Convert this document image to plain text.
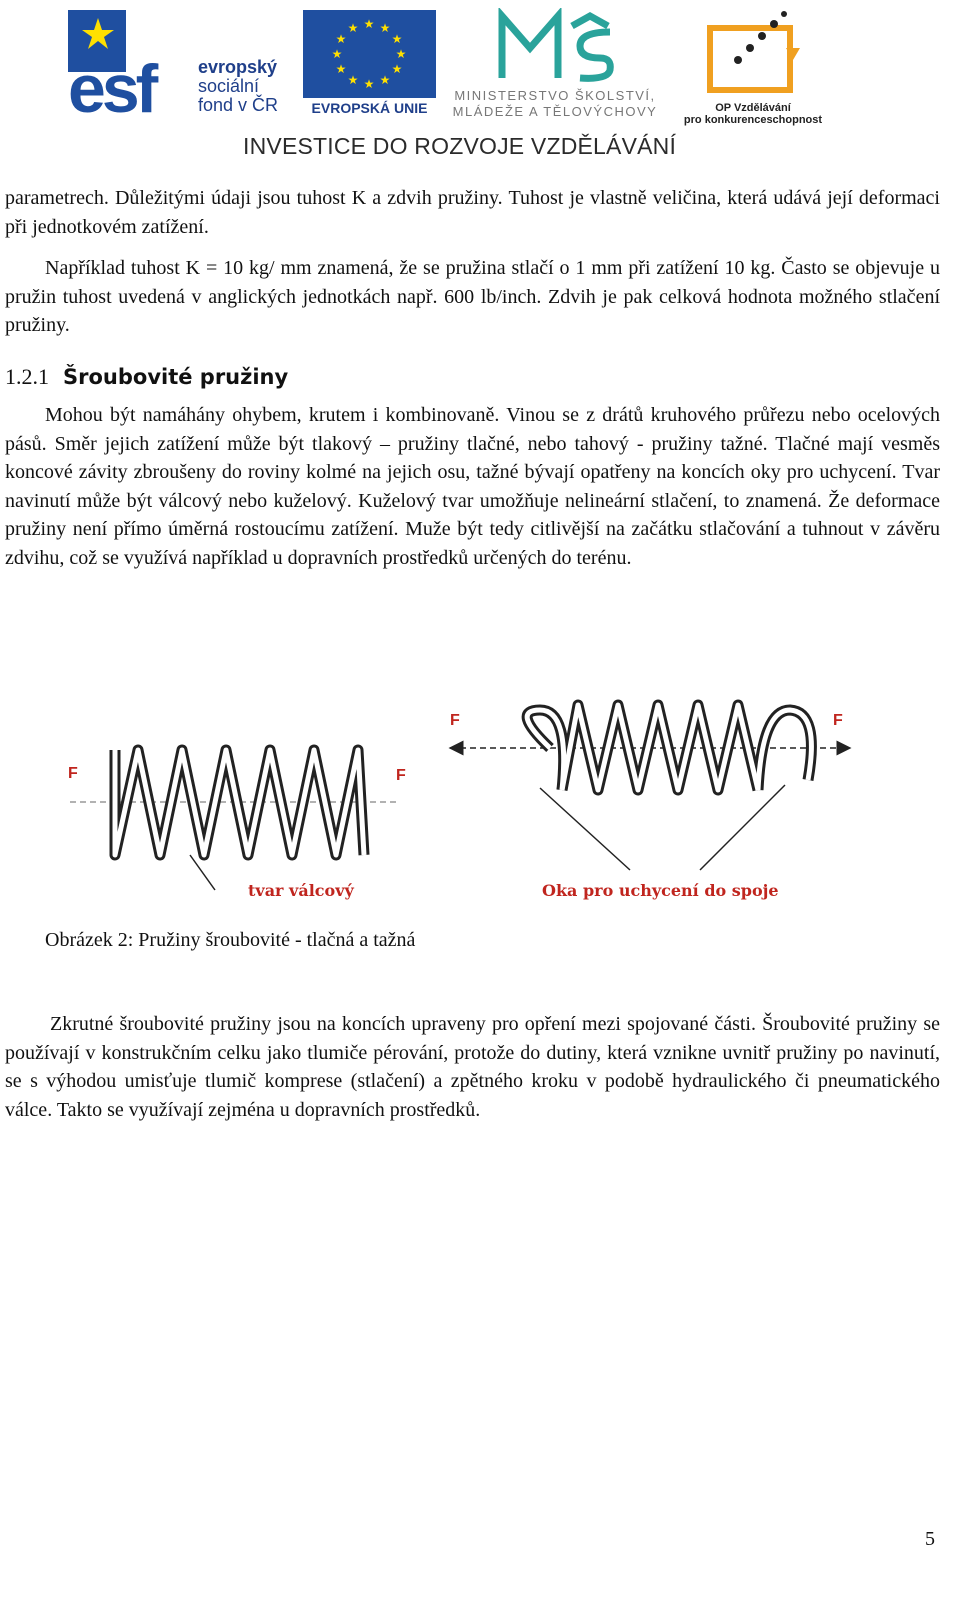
esf evropský
sociální
fond v ČR
★ ★
★
★
★
★
★
★
★
★
★
★
EVROPSKÁ UNIE
MINISTERSTVO ŠKOLSTVÍ,
MLÁDEŽE A TĚLOVÝCHOVY	OP Vzdělávání
pro konkurenceschopnost
INVESTICE DO ROZVOJE VZDĚLÁVÁNÍ

parametrech. Důležitými údaji jsou tuhost K a zdvih pružiny. Tuhost je vlastně veličina, která udává její deformaci při jednotkovém zatížení.

Například tuhost K = 10 kg/ mm znamená, že se pružina stlačí o 1 mm při zatížení 10 kg. Často se objevuje u pružin tuhost uvedená v anglických jednotkách např. 600 lb/inch. Zdvih je pak celková hodnota možného stlačení pružiny.

1.2.1 Šroubovité pružiny

Mohou být namáhány ohybem, krutem i kombinovaně. Vinou se z drátů kruhového průřezu nebo ocelových pásů. Směr jejich zatížení může být tlakový – pružiny tlačné, nebo tahový - pružiny tažné. Tlačné mají vesměs koncové závity zbroušeny do roviny kolmé na jejich osu, tažné bývají opatřeny na koncích oky pro uchycení. Tvar navinutí může být válcový nebo kuželový. Kuželový tvar umožňuje nelineární stlačení, to znamená. Že deformace pružiny není přímo úměrná rostoucímu zatížení. Muže být tedy citlivější na začátku stlačování a tuhnout v závěru zdvihu, což se využívá například u dopravních prostředků určených do terénu.

F	F
tvar válcový
F	F
Oka pro uchycení do spoje

Obrázek 2: Pružiny šroubovité - tlačná a tažná

Zkrutné šroubovité pružiny jsou na koncích upraveny pro opření mezi spojované části. Šroubovité pružiny se používají v konstrukčním celku jako tlumiče pérování, protože do dutiny, která vznikne uvnitř pružiny po navinutí, se s výhodou umisťuje tlumič komprese (stlačení) a zpětného kroku v podobě hydraulického či pneumatického válce. Takto se využívají zejména u dopravních prostředků.

5
